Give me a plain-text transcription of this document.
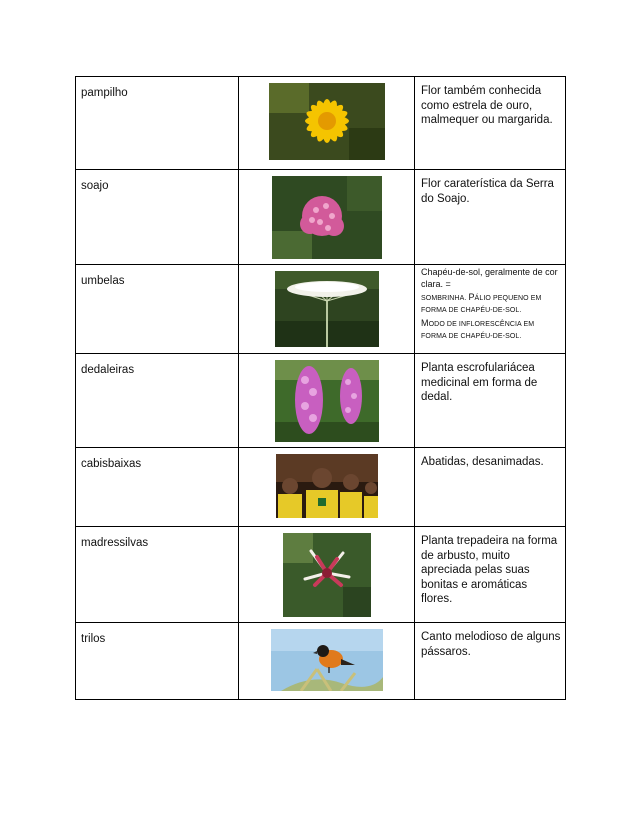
pampilho		Flor também conhecida como estrela de ouro, malmequer ou margarida.
soajo		Flor caraterística da Serra do Soajo.
umbelas		Chapéu-de-sol, geralmente de cor clara. =
SOMBRINHA. PÁLIO PEQUENO EM FORMA DE CHAPÉU-DE-SOL.
MODO DE INFLORESCÊNCIA EM FORMA DE CHAPÉU-DE-SOL.

dedaleiras		Planta escrofulariácea medicinal em forma de dedal.
cabisbaixas		Abatidas, desanimadas.
madressilvas		Planta trepadeira na forma de arbusto, muito apreciada pelas suas bonitas e aromáticas flores.
trilos		Canto melodioso de alguns pássaros.
